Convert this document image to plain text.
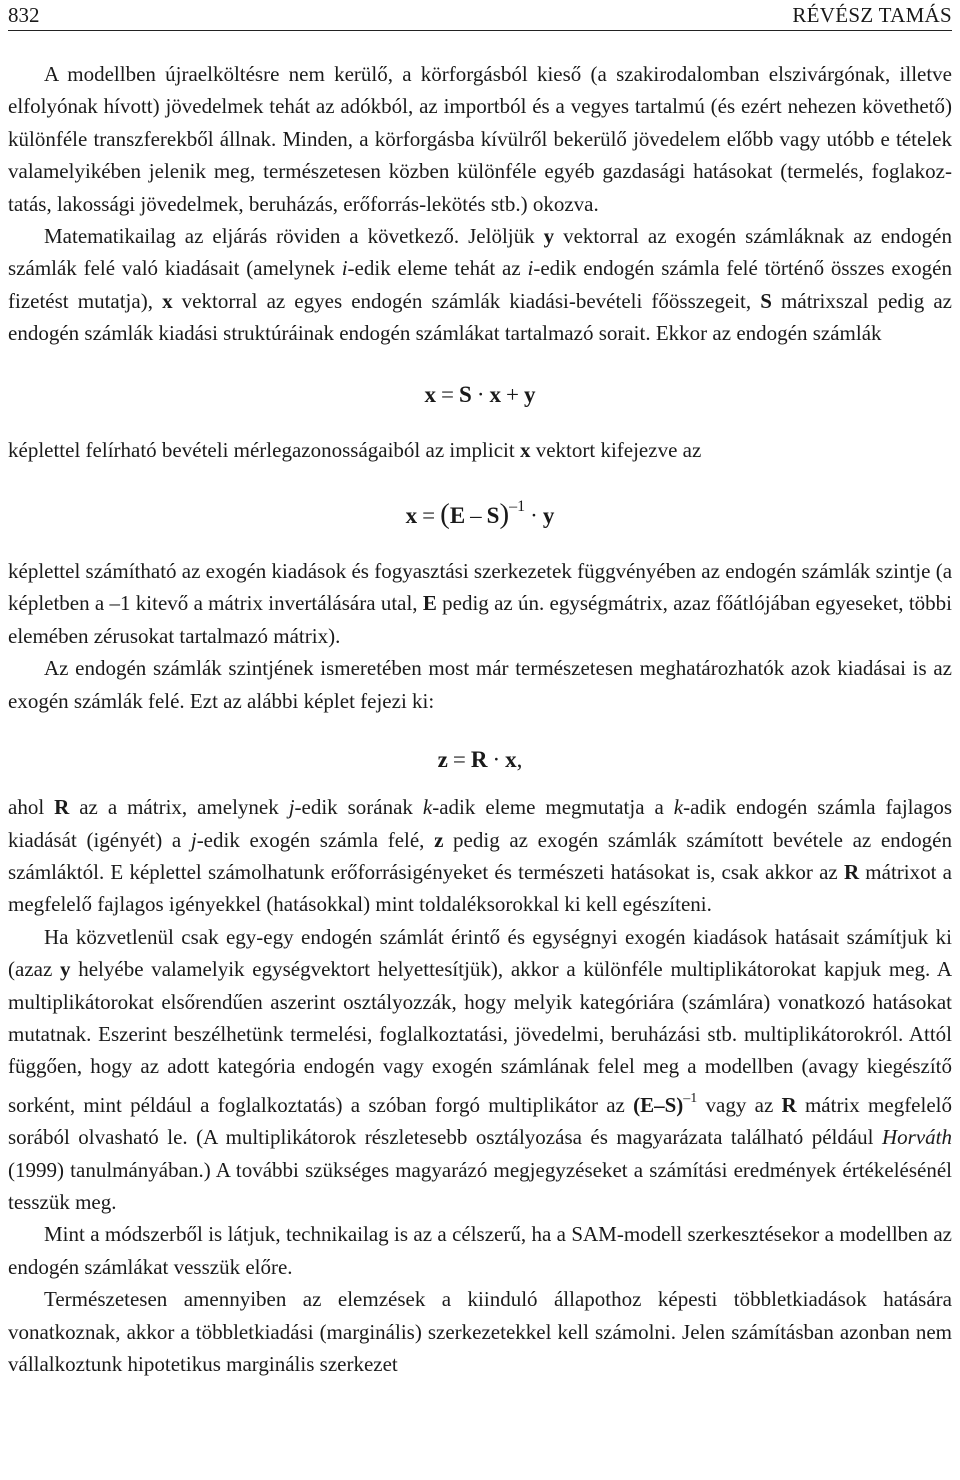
832	RÉVÉSZ TAMÁS

A modellben újraelköltésre nem kerülő, a körforgásból kieső (a szakirodalomban elszivárgónak, illetve elfolyónak hívott) jövedelmek tehát az adókból, az importból és a vegyes tartalmú (és ezért nehezen követhető) különféle transzferekből állnak. Minden, a körforgásba kívülről bekerülő jövedelem előbb vagy utóbb e tételek valamelyikében jelenik meg, természetesen közben különféle egyéb gazdasági hatásokat (termelés, foglakoztatás, lakossági jövedelmek, beruházás, erőforrás-lekötés stb.) okozva.

Matematikailag az eljárás röviden a következő. Jelöljük y vektorral az exogén számláknak az endogén számlák felé való kiadásait (amelynek i-edik eleme tehát az i-edik endogén számla felé történő összes exogén fizetést mutatja), x vektorral az egyes endogén számlák kiadási-bevételi főösszegeit, S mátrixszal pedig az endogén számlák kiadási struktúráinak endogén számlákat tartalmazó sorait. Ekkor az endogén számlák

x = S · x + y

képlettel felírható bevételi mérlegazonosságaiból az implicit x vektort kifejezve az

x = (E – S)$^{-1}$ · y

képlettel számítható az exogén kiadások és fogyasztási szerkezetek függvényében az endogén számlák szintje (a képletben a –1 kitevő a mátrix invertálására utal, E pedig az ún. egységmátrix, azaz főátlójában egyeseket, többi elemében zérusokat tartalmazó mátrix).

Az endogén számlák szintjének ismeretében most már természetesen meghatározhatók azok kiadásai is az exogén számlák felé. Ezt az alábbi képlet fejezi ki:

z = R · x,

ahol R az a mátrix, amelynek j-edik sorának k-adik eleme megmutatja a k-adik endogén számla fajlagos kiadását (igényét) a j-edik exogén számla felé, z pedig az exogén számlák számított bevétele az endogén számláktól. E képlettel számolhatunk erőforrásigényeket és természeti hatásokat is, csak akkor az R mátrixot a megfelelő fajlagos igényekkel (hatásokkal) mint toldaléksorokkal ki kell egészíteni.

Ha közvetlenül csak egy-egy endogén számlát érintő és egységnyi exogén kiadások hatásait számítjuk ki (azaz y helyébe valamelyik egységvektort helyettesítjük), akkor a különféle multiplikátorokat kapjuk meg. A multiplikátorokat elsőrendűen aszerint osztályozzák, hogy melyik kategóriára (számlára) vonatkozó hatásokat mutatnak. Eszerint beszélhetünk termelési, foglalkoztatási, jövedelmi, beruházási stb. multiplikátorokról. Attól függően, hogy az adott kategória endogén vagy exogén számlának felel meg a modellben (avagy kiegészítő sorként, mint például a foglalkoztatás) a szóban forgó multiplikátor az $(E-S)^{-1}$ vagy az R mátrix megfelelő sorából olvasható le. (A multiplikátorok részletesebb osztályozása és magyarázata található például Horváth (1999) tanulmányában.) A további szükséges magyarázó megjegyzéseket a számítási eredmények értékelésénél tesszük meg.

Mint a módszerből is látjuk, technikailag is az a célszerű, ha a SAM-modell szerkesztésekor a modellben az endogén számlákat vesszük előre.

Természetesen amennyiben az elemzések a kiinduló állapothoz képesti többletkiadások hatására vonatkoznak, akkor a többletkiadási (marginális) szerkezetekkel kell számolni. Jelen számításban azonban nem vállalkoztunk hipotetikus marginális szerkezet
